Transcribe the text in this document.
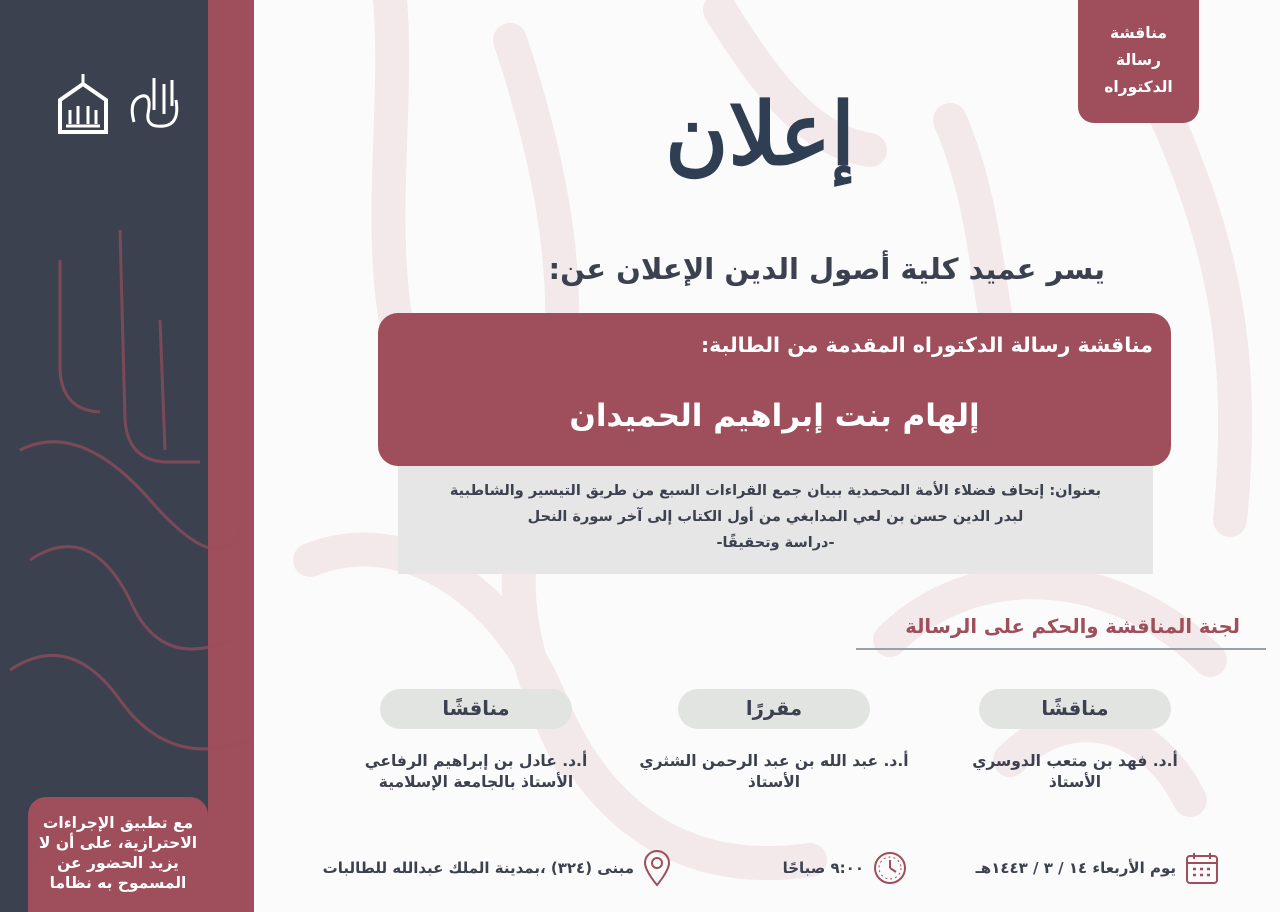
مع تطبيق الإجراءات الاحترازية، على أن لا يزيد الحضور عن المسموح به نظاما
مناقشة
رسالة
الدكتوراه
إعلان
يسر عميد كلية أصول الدين الإعلان عن:
مناقشة رسالة الدكتوراه المقدمة من الطالبة:
إلهام بنت إبراهيم الحميدان
بعنوان: إتحاف فضلاء الأمة المحمدية ببيان جمع القراءات السبع من طريق التيسير والشاطبية
لبدر الدين حسن بن لعي المدابغي من أول الكتاب إلى آخر سورة النحل
-دراسة وتحقيقًا-
لجنة المناقشة والحكم على الرسالة
مناقشًا
أ.د. فهد بن متعب الدوسري
الأستاذ
مقررًا
أ.د. عبد الله بن عبد الرحمن الشثري
الأستاذ
مناقشًا
أ.د. عادل بن إبراهيم الرفاعي
الأستاذ بالجامعة الإسلامية
يوم الأربعاء ١٤ / ٣ / ١٤٤٣هـ
٩:٠٠ صباحًا
مبنى (٣٢٤) ،بمدينة الملك عبدالله للطالبات
